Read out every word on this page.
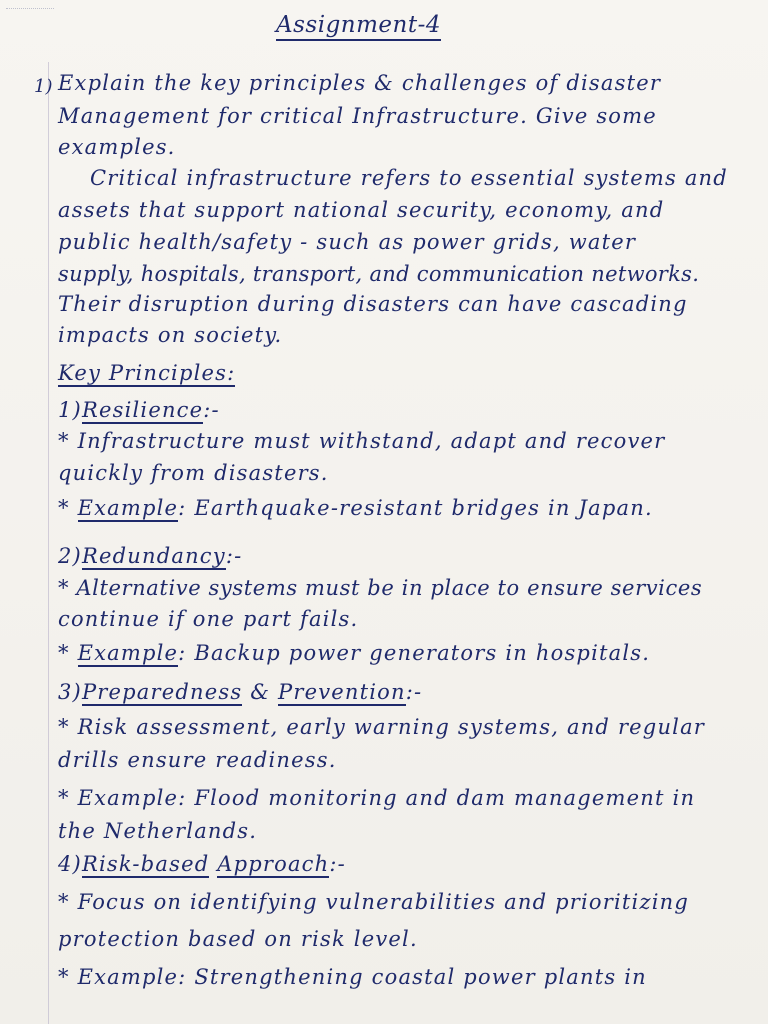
Assignment-4
1) Explain the key principles & challenges of disaster
Management for critical Infrastructure. Give some
examples.
Critical infrastructure refers to essential systems and
assets that support national security, economy, and
public health/safety - such as power grids, water
supply, hospitals, transport, and communication networks.
Their disruption during disasters can have cascading
impacts on society.
Key Principles:
1)Resilience:-
* Infrastructure must withstand, adapt and recover
quickly from disasters.
* Example: Earthquake-resistant bridges in Japan.
2)Redundancy:-
* Alternative systems must be in place to ensure services
continue if one part fails.
* Example: Backup power generators in hospitals.
3)Preparedness & Prevention:-
* Risk assessment, early warning systems, and regular
drills ensure readiness.
* Example: Flood monitoring and dam management in
the Netherlands.
4)Risk-based Approach:-
* Focus on identifying vulnerabilities and prioritizing
protection based on risk level.
* Example: Strengthening coastal power plants in
